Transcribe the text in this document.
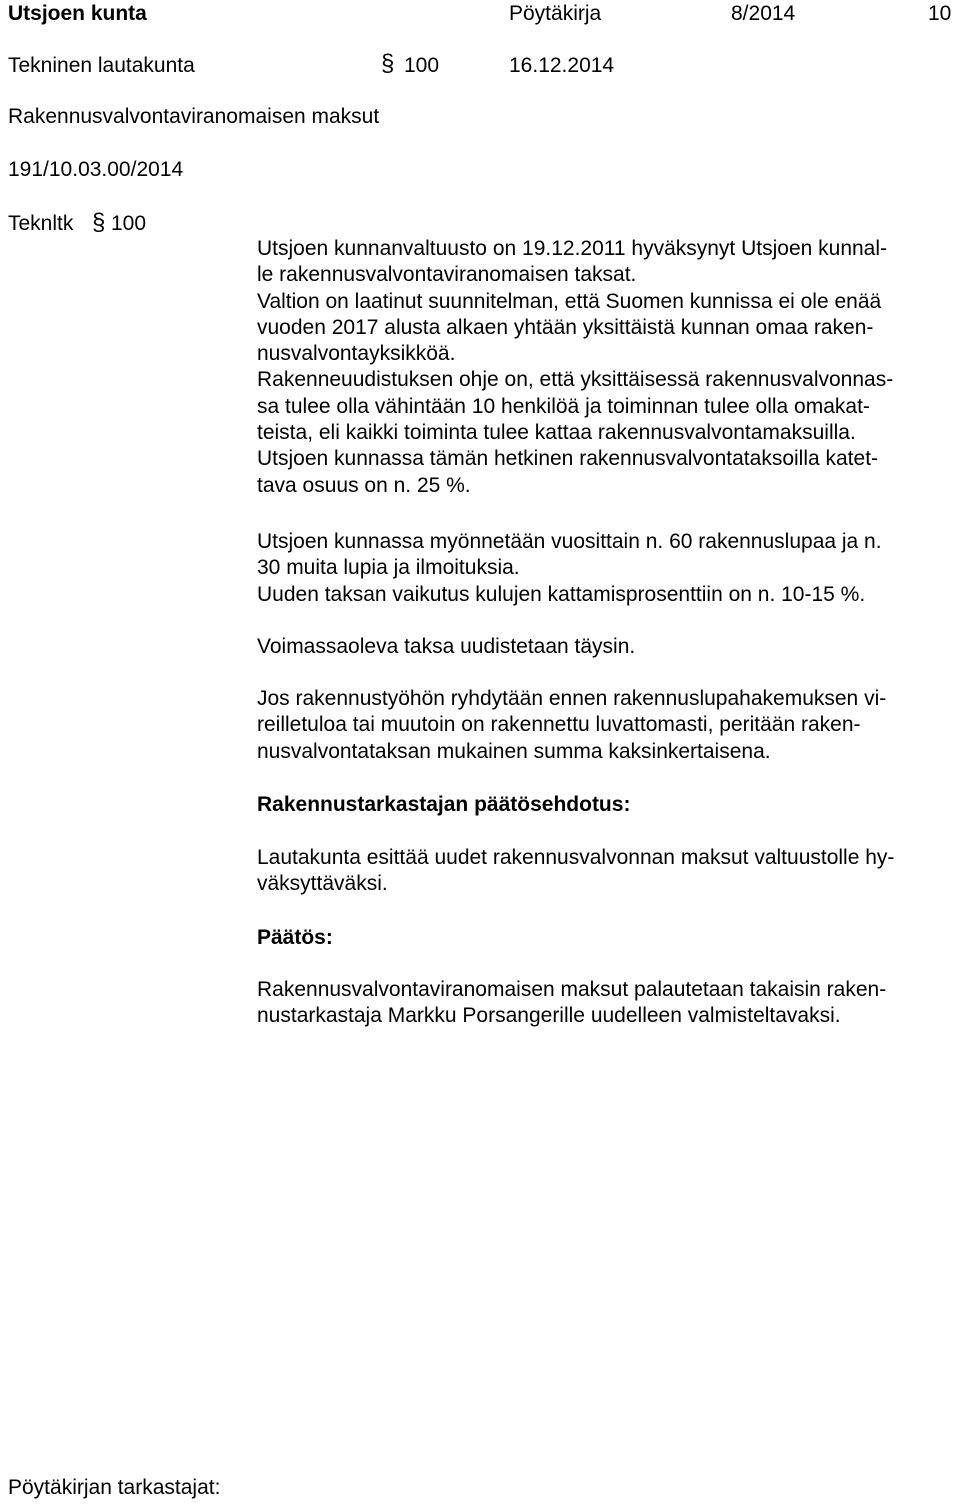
Utsjoen kunta	Pöytäkirja	8/2014	10
Tekninen lautakunta	§ 100	16.12.2014
Rakennusvalvontaviranomaisen maksut
191/10.03.00/2014
Teknltk § 100
Utsjoen kunnanvaltuusto on 19.12.2011 hyväksynyt Utsjoen kunnal-
le rakennusvalvontaviranomaisen taksat.
Valtion on laatinut suunnitelman, että Suomen kunnissa ei ole enää
vuoden 2017 alusta alkaen yhtään yksittäistä kunnan omaa raken-
nusvalvontayksikköä.
Rakenneuudistuksen ohje on, että yksittäisessä rakennusvalvonnas-
sa tulee olla vähintään 10 henkilöä ja toiminnan tulee olla omakat-
teista, eli kaikki toiminta tulee kattaa rakennusvalvontamaksuilla.
Utsjoen kunnassa tämän hetkinen rakennusvalvontataksoilla katet-
tava osuus on n. 25 %.
Utsjoen kunnassa myönnetään vuosittain n. 60 rakennuslupaa ja n.
30 muita lupia ja ilmoituksia.
Uuden taksan vaikutus kulujen kattamisprosenttiin on n. 10-15 %.
Voimassaoleva taksa uudistetaan täysin.
Jos rakennustyöhön ryhdytään ennen rakennuslupahakemuksen vi-
reilletuloa tai muutoin on rakennettu luvattomasti, peritään raken-
nusvalvontataksan mukainen summa kaksinkertaisena.
Rakennustarkastajan päätösehdotus:
Lautakunta esittää uudet rakennusvalvonnan maksut valtuustolle hy-
väksyttäväksi.
Päätös:
Rakennusvalvontaviranomaisen maksut palautetaan takaisin raken-
nustarkastaja Markku Porsangerille uudelleen valmisteltavaksi.
Pöytäkirjan tarkastajat:
